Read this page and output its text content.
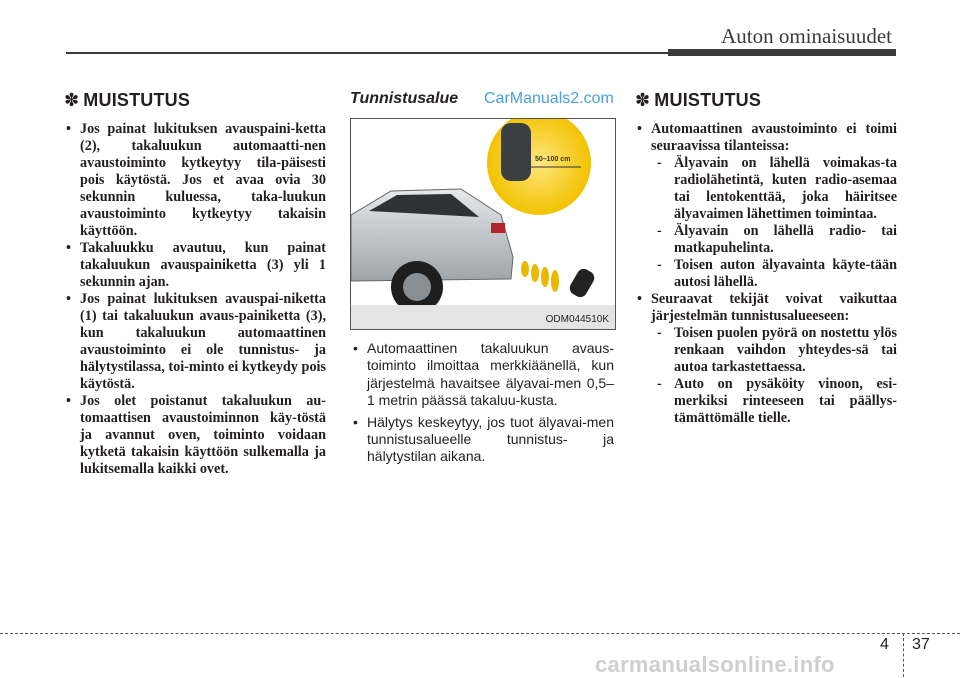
Auton ominaisuudet
✽ MUISTUTUS
• Jos painat lukituksen avauspaini-ketta (2), takaluukun automaatti-nen avaustoiminto kytkeytyy tila-päisesti pois käytöstä. Jos et avaa ovia 30 sekunnin kuluessa, taka-luukun avaustoiminto kytkeytyy takaisin käyttöön.
• Takaluukku avautuu, kun painat takaluukun avauspainiketta (3) yli 1 sekunnin ajan.
• Jos painat lukituksen avauspai-niketta (1) tai takaluukun avaus-painiketta (3), kun takaluukun automaattinen avaustoiminto ei ole tunnistus- ja hälytystilassa, toi-minto ei kytkeydy pois käytöstä.
• Jos olet poistanut takaluukun au-tomaattisen avaustoiminnon käy-töstä ja avannut oven, toiminto voidaan kytketä takaisin käyttöön sulkemalla ja lukitsemalla kaikki ovet.
Tunnistusalue CarManuals2.com
50–100 cm
ODM044510K
• Automaattinen takaluukun avaus-toiminto ilmoittaa merkkiäänellä, kun järjestelmä havaitsee älyavai-men 0,5–1 metrin päässä takaluu-kusta.
• Hälytys keskeytyy, jos tuot älyavai-men tunnistusalueelle tunnistus- ja hälytystilan aikana.
✽ MUISTUTUS
• Automaattinen avaustoiminto ei toimi seuraavissa tilanteissa:
- Älyavain on lähellä voimakas-ta radiolähetintä, kuten radio-asemaa tai lentokenttää, joka häiritsee älyavaimen lähettimen toimintaa.
- Älyavain on lähellä radio- tai matkapuhelinta.
- Toisen auton älyavainta käyte-tään autosi lähellä.
• Seuraavat tekijät voivat vaikuttaa järjestelmän tunnistusalueeseen:
- Toisen puolen pyörä on nostettu ylös renkaan vaihdon yhteydes-sä tai autoa tarkastettaessa.
- Auto on pysäköity vinoon, esi-merkiksi rinteeseen tai päällys-tämättömälle tielle.
4 37
carmanualsonline.info
